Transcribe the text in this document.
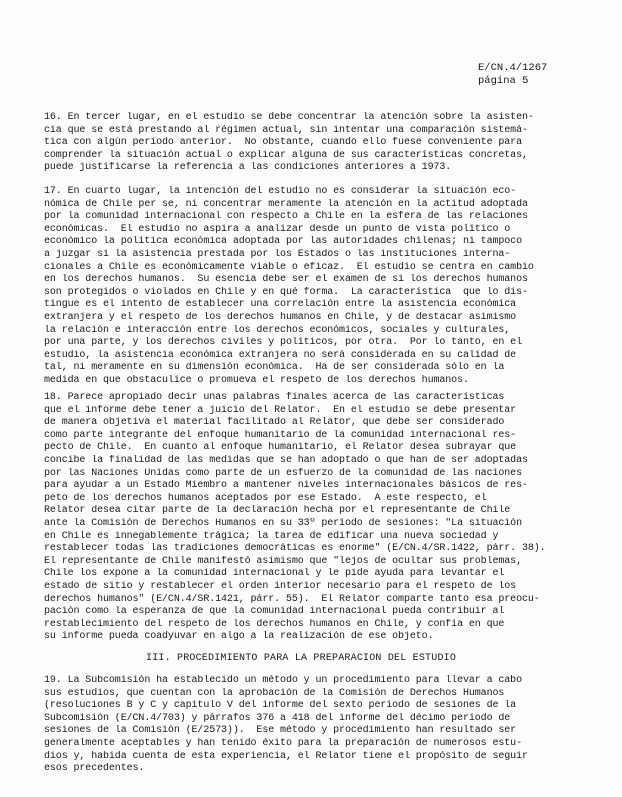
E/CN.4/1267
página 5
16. En tercer lugar, en el estudio se debe concentrar la atención sobre la asisten-
cia que se está prestando al régimen actual, sin intentar una comparación sistemá-
tica con algún período anterior.  No obstante, cuando ello fuese conveniente para
comprender la situación actual o explicar alguna de sus características concretas,
puede justificarse la referencia a las condiciones anteriores a 1973.
17. En cuarto lugar, la intención del estudio no es considerar la situación eco-
nómica de Chile per se, ni concentrar meramente la atención en la actitud adoptada
por la comunidad internacional con respecto a Chile en la esfera de las relaciones
económicas.  El estudio no aspira a analizar desde un punto de vista político o
económico la política económica adoptada por las autoridades chilenas; ni tampoco
a juzgar si la asistencia prestada por los Estados o las instituciones interna-
cionales a Chile es económicamente viable o eficaz.  El estudio se centra en cambio
en los derechos humanos.  Su esencia debe ser el examen de si los derechos humanos
son protegidos o violados en Chile y en qué forma.  La característica  que lo dis-
tingue es el intento de establecer una correlación entre la asistencia económica
extranjera y el respeto de los derechos humanos en Chile, y de destacar asimismo
la relación e interacción entre los derechos económicos, sociales y culturales,
por una parte, y los derechos civiles y políticos, por otra.  Por lo tanto, en el
estudio, la asistencia económica extranjera no será considerada en su calidad de
tal, ni meramente en su dimensión económica.  Ha de ser considerada sólo en la
medida en que obstaculice o promueva el respeto de los derechos humanos.
18. Parece apropiado decir unas palabras finales acerca de las características
que el informe debe tener a juicio del Relator.  En el estudio se debe presentar
de manera objetiva el material facilitado al Relator, que debe ser considerado
como parte integrante del enfoque humanitario de la comunidad internacional res-
pecto de Chile.  En cuanto al enfoque humanitario, el Relator desea subrayar que
concibe la finalidad de las medidas que se han adoptado o que han de ser adoptadas
por las Naciones Unidas como parte de un esfuerzo de la comunidad de las naciones
para ayudar a un Estado Miembro a mantener niveles internacionales básicos de res-
peto de los derechos humanos aceptados por ese Estado.  A este respecto, el
Relator desea citar parte de la declaración hecha por el representante de Chile
ante la Comisión de Derechos Humanos en su 33º período de sesiones: "La situación
en Chile es innegablemente trágica; la tarea de edificar una nueva sociedad y
restablecer todas las tradiciones democráticas es enorme" (E/CN.4/SR.1422, párr. 38).
El representante de Chile manifestó asimismo que "lejos de ocultar sus problemas,
Chile los expone a la comunidad internacional y le pide ayuda para levantar el
estado de sitio y restablecer el orden interior necesario para el respeto de los
derechos humanos" (E/CN.4/SR.1421, párr. 55).  El Relator comparte tanto esa preocu-
pación como la esperanza de que la comunidad internacional pueda contribuir al
restablecimiento del respeto de los derechos humanos en Chile, y confía en que
su informe pueda coadyuvar en algo a la realización de ese objeto.
III. PROCEDIMIENTO PARA LA PREPARACION DEL ESTUDIO
19. La Subcomisión ha establecido un método y un procedimiento para llevar a cabo
sus estudios, que cuentan con la aprobación de la Comisión de Derechos Humanos
(resoluciones B y C y capítulo V del informe del sexto período de sesiones de la
Subcomisión (E/CN.4/703) y párrafos 376 a 418 del informe del décimo período de
sesiones de la Comisión (E/2573)).  Ese método y procedimiento han resultado ser
generalmente aceptables y han tenido éxito para la preparación de numerosos estu-
dios y, habida cuenta de esta experiencia, el Relator tiene el propósito de seguir
esos precedentes.
